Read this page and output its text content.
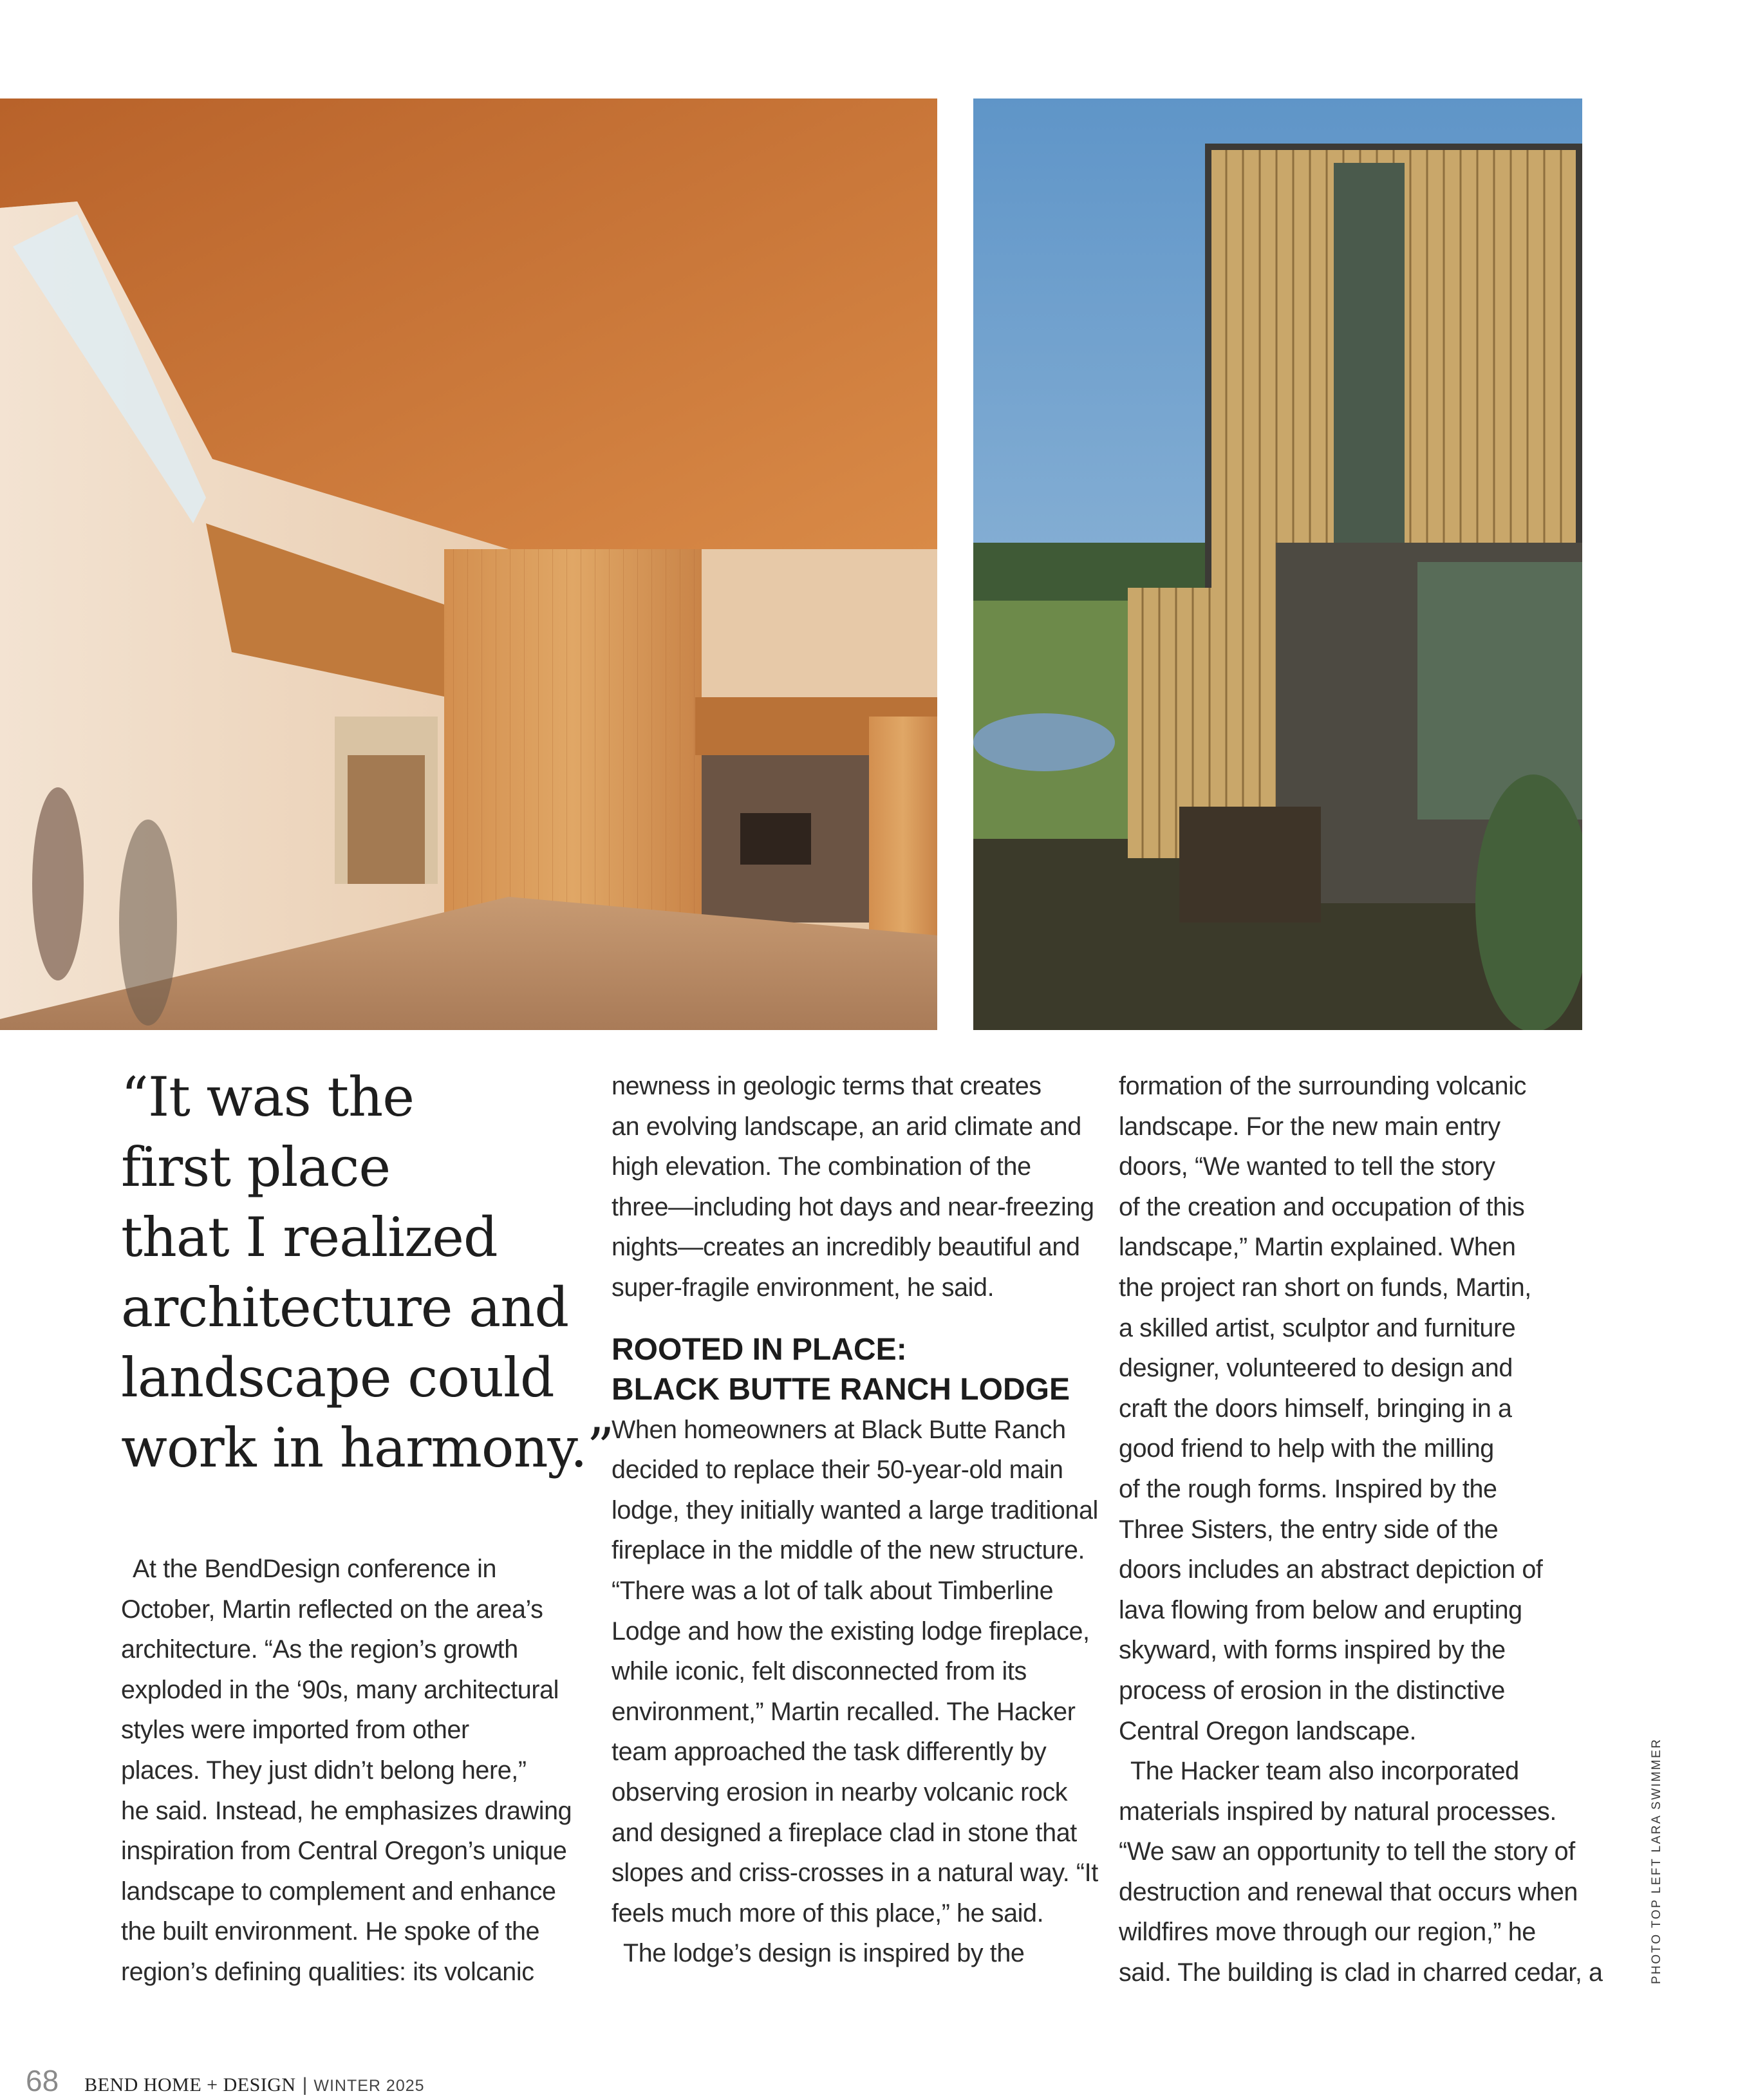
“It was the
first place
that I realized
architecture and
landscape could
work in harmony.”
At the BendDesign conference in
October, Martin reflected on the area’s
architecture. “As the region’s growth
exploded in the ‘90s, many architectural
styles were imported from other
places. They just didn’t belong here,”
he said. Instead, he emphasizes drawing
inspiration from Central Oregon’s unique
landscape to complement and enhance
the built environment. He spoke of the
region’s defining qualities: its volcanic
newness in geologic terms that creates
an evolving landscape, an arid climate and
high elevation. The combination of the
three—including hot days and near-freezing
nights—creates an incredibly beautiful and
super-fragile environment, he said.
ROOTED IN PLACE:
BLACK BUTTE RANCH LODGE
When homeowners at Black Butte Ranch
decided to replace their 50-year-old main
lodge, they initially wanted a large traditional
fireplace in the middle of the new structure.
“There was a lot of talk about Timberline
Lodge and how the existing lodge fireplace,
while iconic, felt disconnected from its
environment,” Martin recalled. The Hacker
team approached the task differently by
observing erosion in nearby volcanic rock
and designed a fireplace clad in stone that
slopes and criss-crosses in a natural way. “It
feels much more of this place,” he said.
The lodge’s design is inspired by the
formation of the surrounding volcanic
landscape. For the new main entry
doors, “We wanted to tell the story
of the creation and occupation of this
landscape,” Martin explained. When
the project ran short on funds, Martin,
a skilled artist, sculptor and furniture
designer, volunteered to design and
craft the doors himself, bringing in a
good friend to help with the milling
of the rough forms. Inspired by the
Three Sisters, the entry side of the
doors includes an abstract depiction of
lava flowing from below and erupting
skyward, with forms inspired by the
process of erosion in the distinctive
Central Oregon landscape.
The Hacker team also incorporated
materials inspired by natural processes.
“We saw an opportunity to tell the story of
destruction and renewal that occurs when
wildfires move through our region,” he
said. The building is clad in charred cedar, a	PHOTO TOP LEFT LARA SWIMMER
68 BEND HOME + DESIGN | WINTER 2025
